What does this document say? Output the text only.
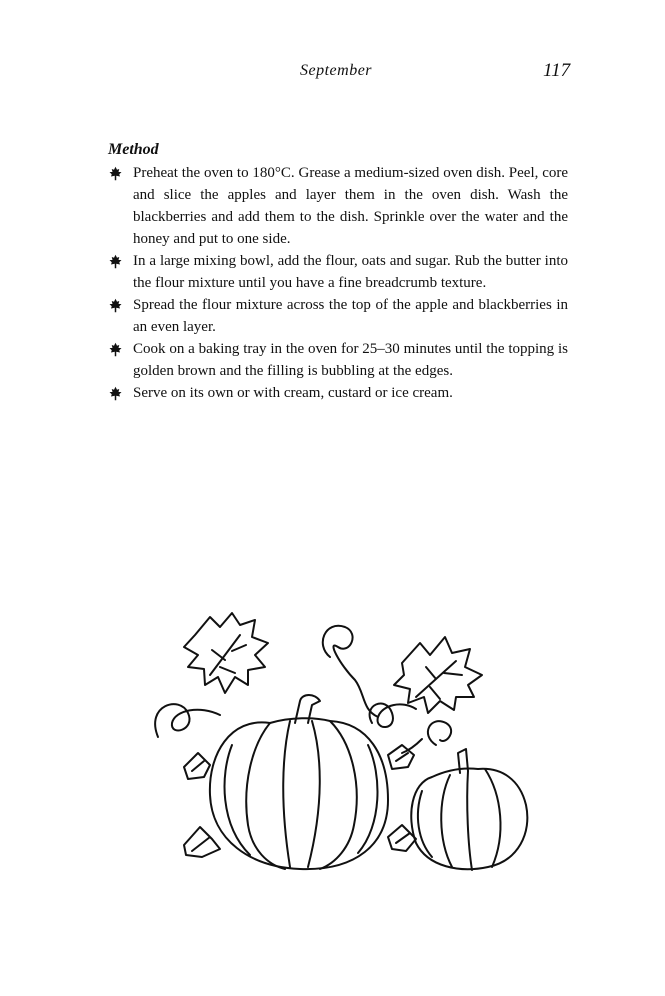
September	117
Method
Preheat the oven to 180°C. Grease a medium-sized oven dish. Peel, core and slice the apples and layer them in the oven dish. Wash the blackberries and add them to the dish. Sprinkle over the water and the honey and put to one side.
In a large mixing bowl, add the flour, oats and sugar. Rub the butter into the flour mixture until you have a fine breadcrumb texture.
Spread the flour mixture across the top of the apple and blackberries in an even layer.
Cook on a baking tray in the oven for 25–30 minutes until the topping is golden brown and the filling is bubbling at the edges.
Serve on its own or with cream, custard or ice cream.
